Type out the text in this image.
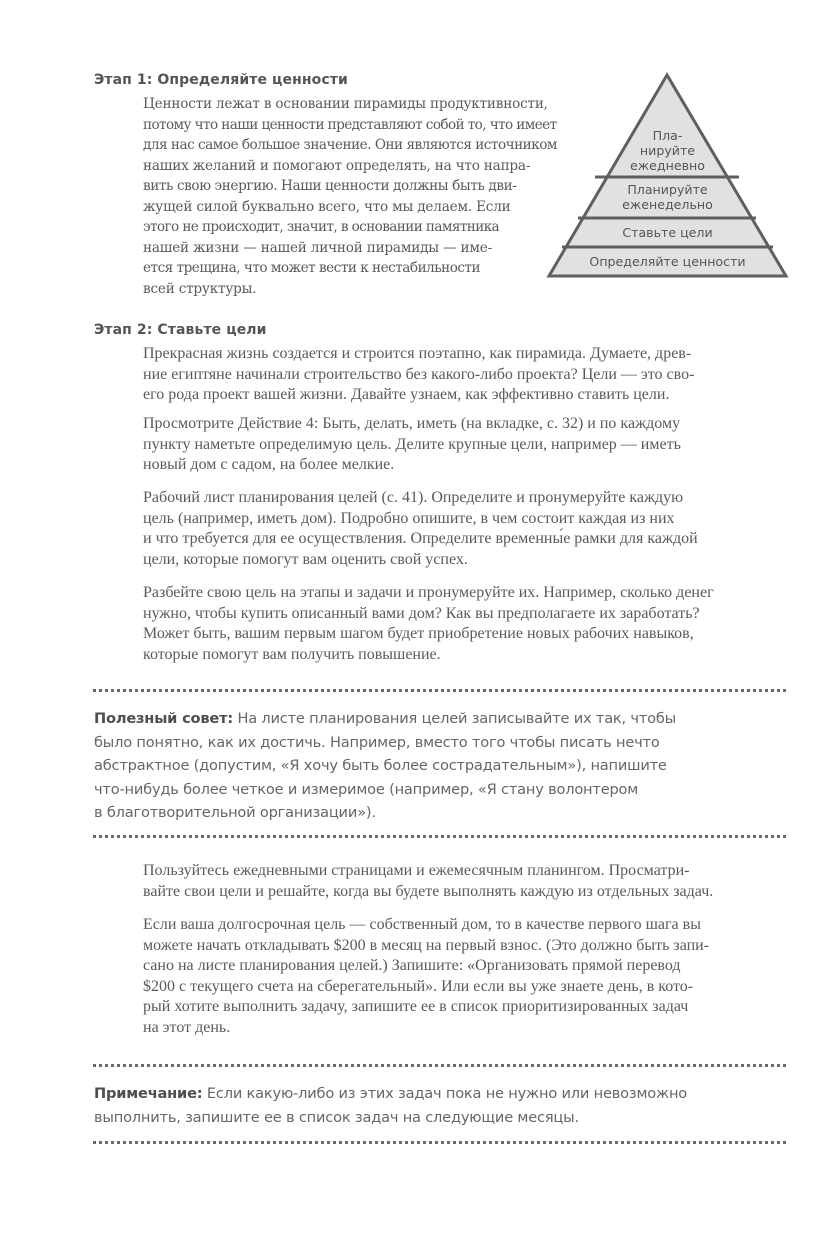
Этап 1: Определяйте ценности
Ценности лежат в основании пирамиды продуктивности,
потому что наши ценности представляют собой то, что имеет
для нас самое большое значение. Они являются источником
наших желаний и помогают определять, на что напра-
вить свою энергию. Наши ценности должны быть дви-
жущей силой буквально всего, что мы делаем. Если
этого не происходит, значит, в основании памятника
нашей жизни — нашей личной пирамиды — име-
ется трещина, что может вести к нестабильности
всей структуры.
Пла-
нируйте
ежедневно
Планируйте
еженедельно
Ставьте цели
Определяйте ценности
Этап 2: Ставьте цели
Прекрасная жизнь создается и строится поэтапно, как пирамида. Думаете, древ-
ние египтяне начинали строительство без какого-либо проекта? Цели — это сво-
его рода проект вашей жизни. Давайте узнаем, как эффективно ставить цели.
Просмотрите Действие 4: Быть, делать, иметь (на вкладке, с. 32) и по каждому
пункту наметьте определимую цель. Делите крупные цели, например — иметь
новый дом с садом, на более мелкие.
Рабочий лист планирования целей (с. 41). Определите и пронумеруйте каждую
цель (например, иметь дом). Подробно опишите, в чем состоит каждая из них
и что требуется для ее осуществления. Определите временны́е рамки для каждой
цели, которые помогут вам оценить свой успех.
Разбейте свою цель на этапы и задачи и пронумеруйте их. Например, сколько денег
нужно, чтобы купить описанный вами дом? Как вы предполагаете их заработать?
Может быть, вашим первым шагом будет приобретение новых рабочих навыков,
которые помогут вам получить повышение.
Полезный совет: На листе планирования целей записывайте их так, чтобы
было понятно, как их достичь. Например, вместо того чтобы писать нечто
абстрактное (допустим, «Я хочу быть более сострадательным»), напишите
что-нибудь более четкое и измеримое (например, «Я стану волонтером
в благотворительной организации»).
Пользуйтесь ежедневными страницами и ежемесячным планингом. Просматри-
вайте свои цели и решайте, когда вы будете выполнять каждую из отдельных задач.
Если ваша долгосрочная цель — собственный дом, то в качестве первого шага вы
можете начать откладывать $200 в месяц на первый взнос. (Это должно быть запи-
сано на листе планирования целей.) Запишите: «Организовать прямой перевод
$200 с текущего счета на сберегательный». Или если вы уже знаете день, в кото-
рый хотите выполнить задачу, запишите ее в список приоритизированных задач
на этот день.
Примечание: Если какую-либо из этих задач пока не нужно или невозможно
выполнить, запишите ее в список задач на следующие месяцы.
